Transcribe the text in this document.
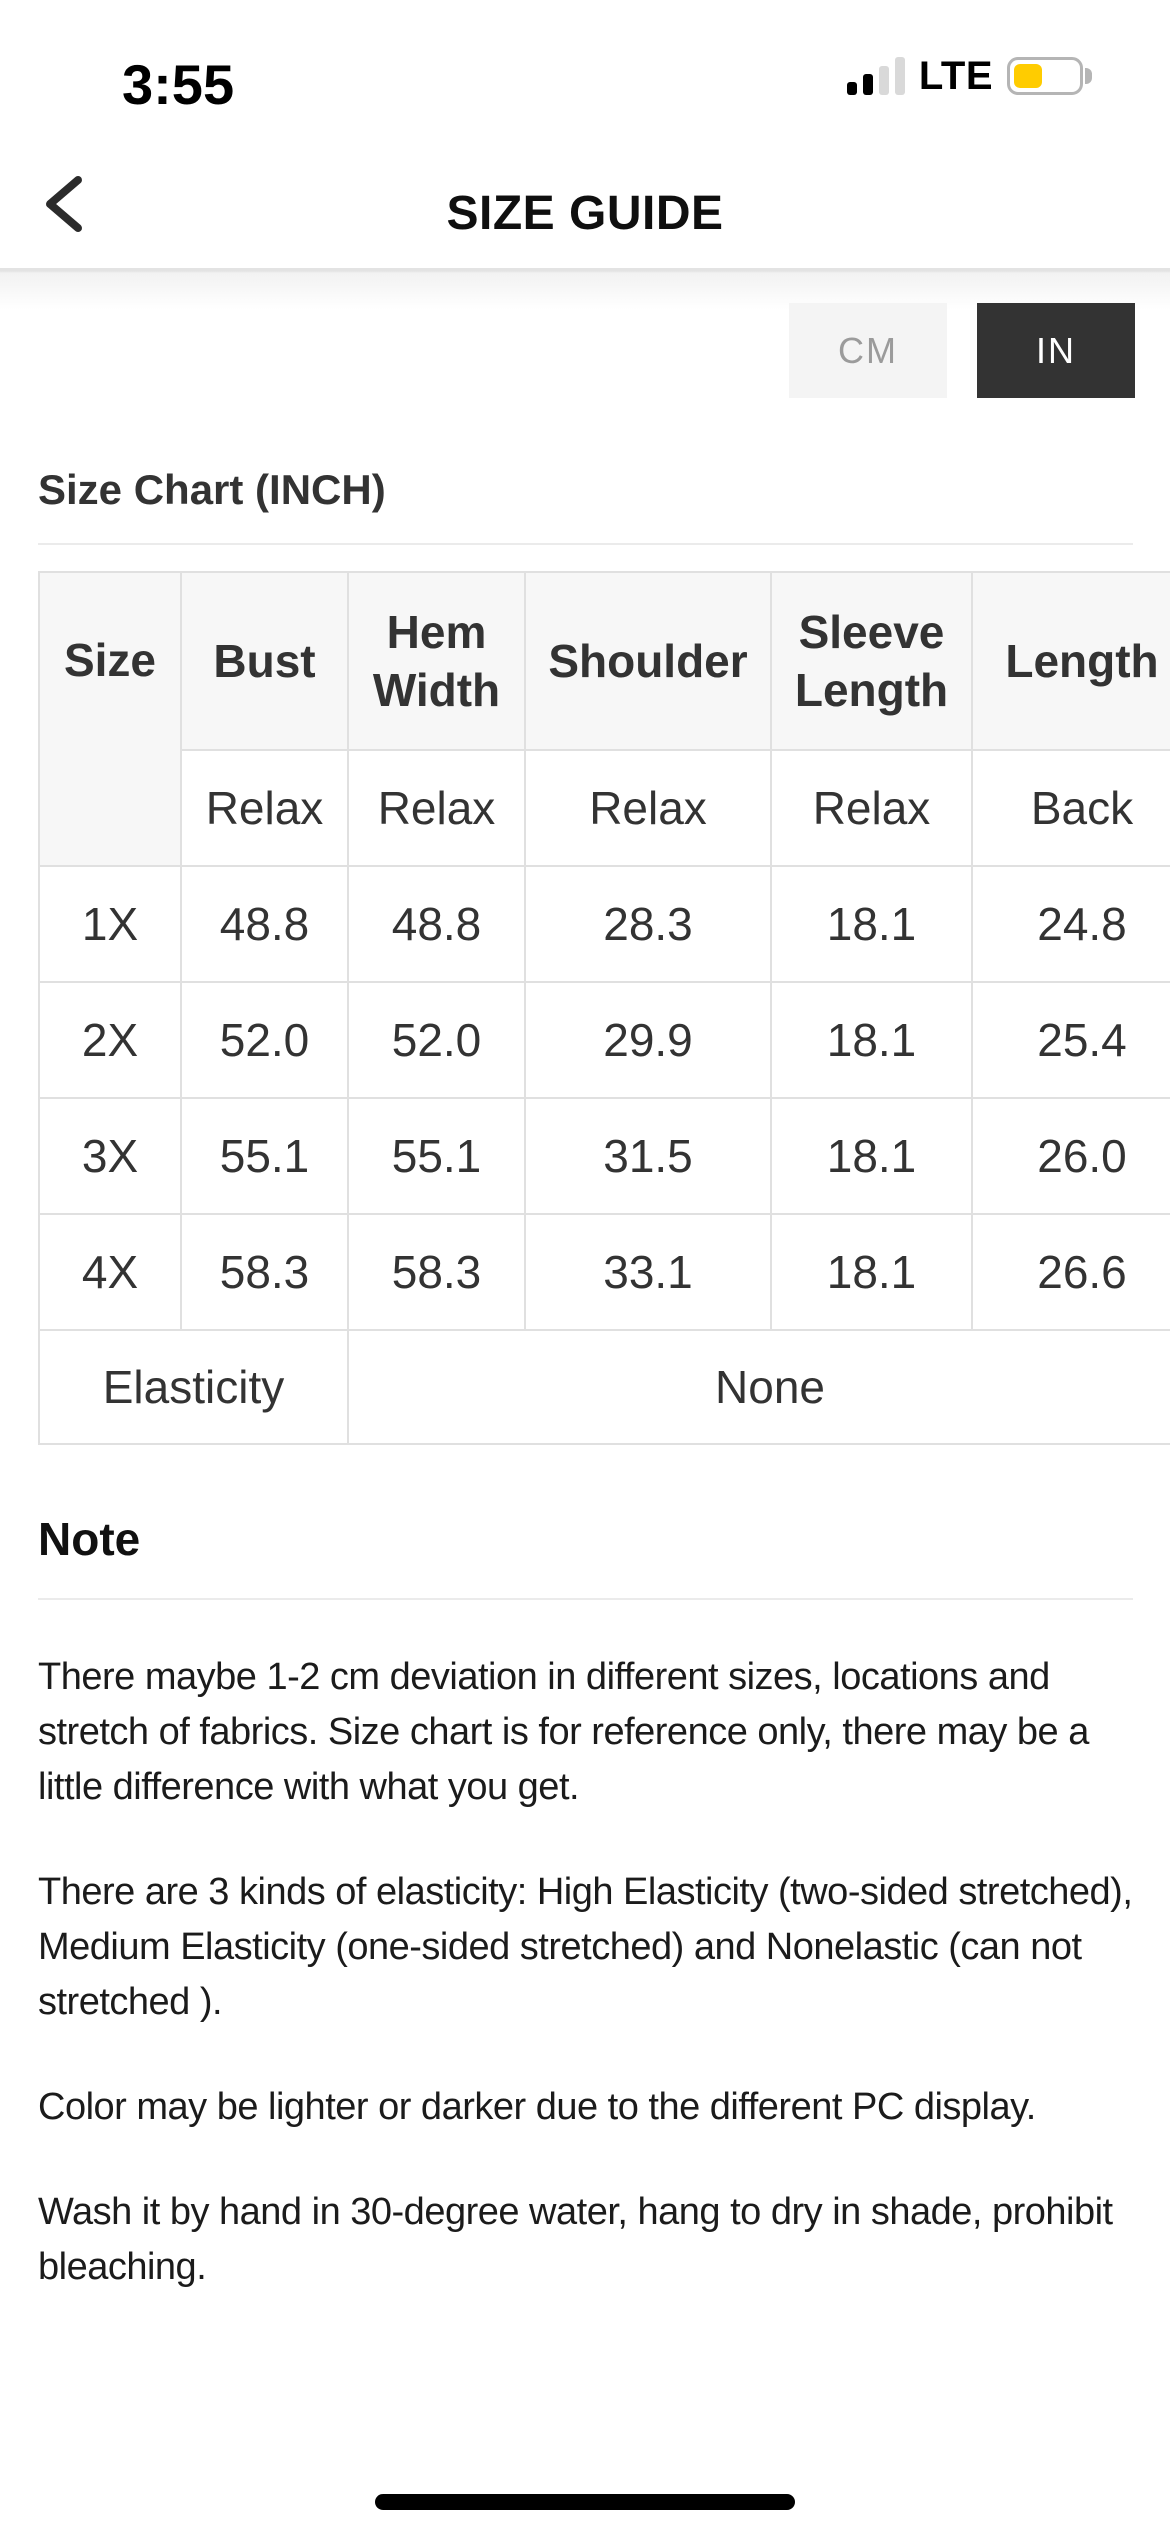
3:55	LTE
SIZE GUIDE
CM	IN
Size Chart (INCH)
Size	Bust	Hem Width	Shoulder	Sleeve Length	Length
	Relax	Relax	Relax	Relax	Back
1X	48.8	48.8	28.3	18.1	24.8
2X	52.0	52.0	29.9	18.1	25.4
3X	55.1	55.1	31.5	18.1	26.0
4X	58.3	58.3	33.1	18.1	26.6
Elasticity		None			
Note

There maybe 1-2 cm deviation in different sizes, locations and stretch of fabrics. Size chart is for reference only, there may be a little difference with what you get.

There are 3 kinds of elasticity: High Elasticity (two-sided stretched), Medium Elasticity (one-sided stretched) and Nonelastic (can not stretched ).

Color may be lighter or darker due to the different PC display.

Wash it by hand in 30-degree water, hang to dry in shade, prohibit bleaching.
